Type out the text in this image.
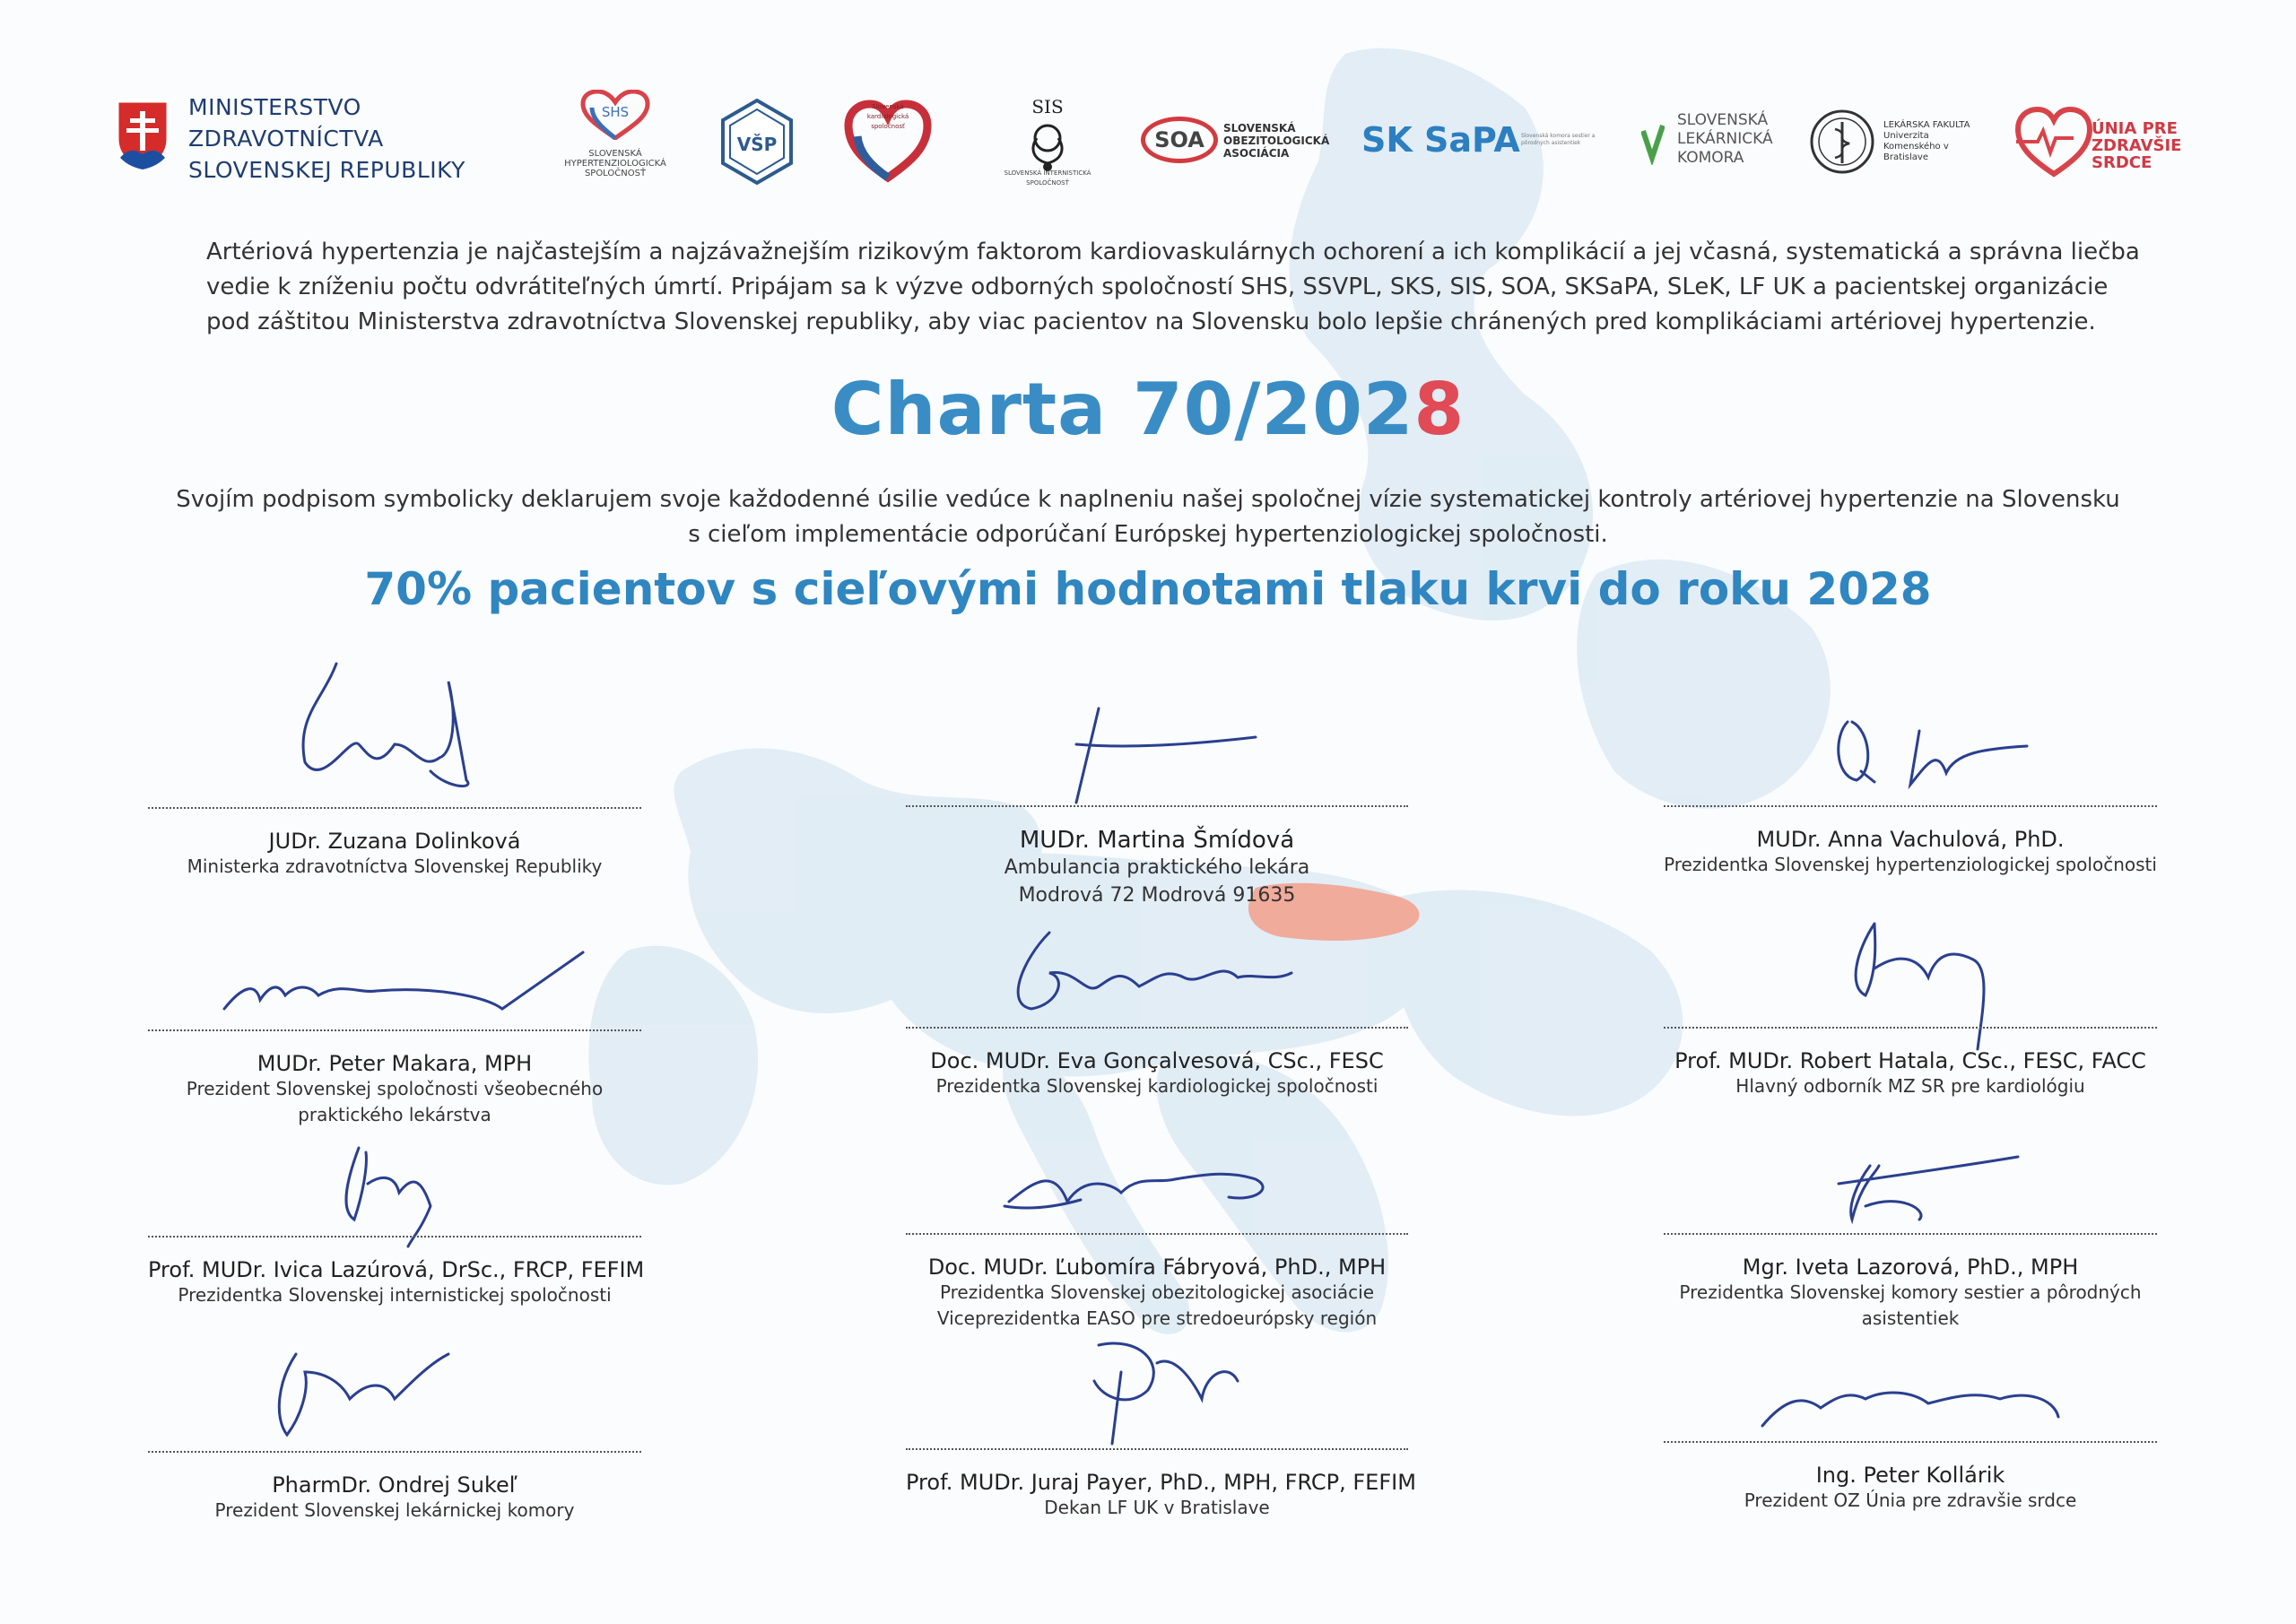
MINISTERSTVO
ZDRAVOTNÍCTVA
SLOVENSKEJ REPUBLIKY
SHS
SLOVENSKÁ HYPERTENZIOLOGICKÁ SPOLOČNOSŤ
VŠP
Slovenská kardiologická spoločnosť
SIS
SLOVENSKÁ INTERNISTICKÁ SPOLOČNOSŤ
SOA	SLOVENSKÁ OBEZITOLOGICKÁ ASOCIÁCIA	SK SaPA Slovenská komora sestier a pôrodných asistentiek
SLOVENSKÁ LEKÁRNICKÁ KOMORA
LEKÁRSKA FAKULTA Univerzita Komenského v Bratislave
ÚNIA PRE ZDRAVŠIE SRDCE
Artériová hypertenzia je najčastejším a najzávažnejším rizikovým faktorom kardiovaskulárnych ochorení a ich komplikácií a jej včasná, systematická a správna liečba
vedie k zníženiu počtu odvrátiteľných úmrtí. Pripájam sa k výzve odborných spoločností SHS, SSVPL, SKS, SIS, SOA, SKSaPA, SLeK, LF UK a pacientskej organizácie
pod záštitou Ministerstva zdravotníctva Slovenskej republiky, aby viac pacientov na Slovensku bolo lepšie chránených pred komplikáciami artériovej hypertenzie.
Charta 70/2028
Svojím podpisom symbolicky deklarujem svoje každodenné úsilie vedúce k naplneniu našej spoločnej vízie systematickej kontroly artériovej hypertenzie na Slovensku
s cieľom implementácie odporúčaní Európskej hypertenziologickej spoločnosti.
70% pacientov s cieľovými hodnotami tlaku krvi do roku 2028
JUDr. Zuzana Dolinková
Ministerka zdravotníctva Slovenskej Republiky
MUDr. Martina Šmídová
Ambulancia praktického lekára
Modrová 72 Modrová 91635
MUDr. Anna Vachulová, PhD.
Prezidentka Slovenskej hypertenziologickej spoločnosti
MUDr. Peter Makara, MPH
Prezident Slovenskej spoločnosti všeobecného
praktického lekárstva
Doc. MUDr. Eva Gonçalvesová, CSc., FESC
Prezidentka Slovenskej kardiologickej spoločnosti
Prof. MUDr. Robert Hatala, CSc., FESC, FACC
Hlavný odborník MZ SR pre kardiológiu
Prof. MUDr. Ivica Lazúrová, DrSc., FRCP, FEFIM
Prezidentka Slovenskej internistickej spoločnosti
Doc. MUDr. Ľubomíra Fábryová, PhD., MPH
Prezidentka Slovenskej obezitologickej asociácie
Viceprezidentka EASO pre stredoeurópsky región
Mgr. Iveta Lazorová, PhD., MPH
Prezidentka Slovenskej komory sestier a pôrodných
asistentiek
PharmDr. Ondrej Sukeľ
Prezident Slovenskej lekárnickej komory
Prof. MUDr. Juraj Payer, PhD., MPH, FRCP, FEFIM
Dekan LF UK v Bratislave
Ing. Peter Kollárik
Prezident OZ Únia pre zdravšie srdce
